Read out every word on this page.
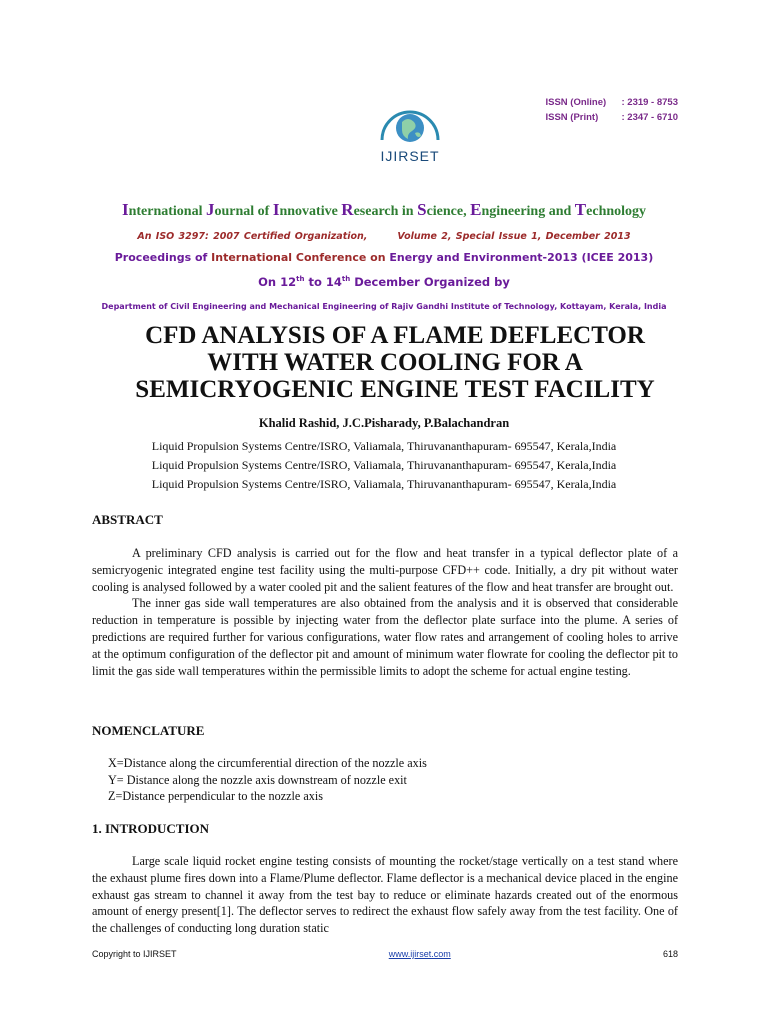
ISSN (Online)	: 2319 - 8753
ISSN (Print)	: 2347 - 6710
IJIRSET
International Journal of Innovative Research in Science, Engineering and Technology
An ISO 3297: 2007 Certified Organization,	Volume 2, Special Issue 1, December 2013
Proceedings of International Conference on Energy and Environment-2013 (ICEE 2013)
On 12th to 14th December Organized by
Department of Civil Engineering and Mechanical Engineering of Rajiv Gandhi Institute of Technology, Kottayam, Kerala, India
CFD ANALYSIS OF A FLAME DEFLECTOR
WITH WATER COOLING FOR A
SEMICRYOGENIC ENGINE TEST FACILITY
Khalid Rashid, J.C.Pisharady, P.Balachandran
Liquid Propulsion Systems Centre/ISRO, Valiamala, Thiruvananthapuram- 695547, Kerala,India
Liquid Propulsion Systems Centre/ISRO, Valiamala, Thiruvananthapuram- 695547, Kerala,India
Liquid Propulsion Systems Centre/ISRO, Valiamala, Thiruvananthapuram- 695547, Kerala,India
ABSTRACT

A preliminary CFD analysis is carried out for the flow and heat transfer in a typical deflector plate of a semicryogenic integrated engine test facility using the multi-purpose CFD++ code. Initially, a dry pit without water cooling is analysed followed by a water cooled pit and the salient features of the flow and heat transfer are brought out.

The inner gas side wall temperatures are also obtained from the analysis and it is observed that considerable reduction in temperature is possible by injecting water from the deflector plate surface into the plume. A series of predictions are required further for various configurations, water flow rates and arrangement of cooling holes to arrive at the optimum configuration of the deflector pit and amount of minimum water flowrate for cooling the deflector pit to limit the gas side wall temperatures within the permissible limits to adopt the scheme for actual engine testing.

NOMENCLATURE
X=Distance along the circumferential direction of the nozzle axis
Y= Distance along the nozzle axis downstream of nozzle exit
Z=Distance perpendicular to the nozzle axis
1. INTRODUCTION

Large scale liquid rocket engine testing consists of mounting the rocket/stage vertically on a test stand where the exhaust plume fires down into a Flame/Plume deflector. Flame deflector is a mechanical device placed in the engine exhaust gas stream to channel it away from the test bay to reduce or eliminate hazards created out of the enormous amount of energy present[1]. The deflector serves to redirect the exhaust flow safely away from the test facility. One of the challenges of conducting long duration static

Copyright to IJIRSET	www.ijirset.com	618
